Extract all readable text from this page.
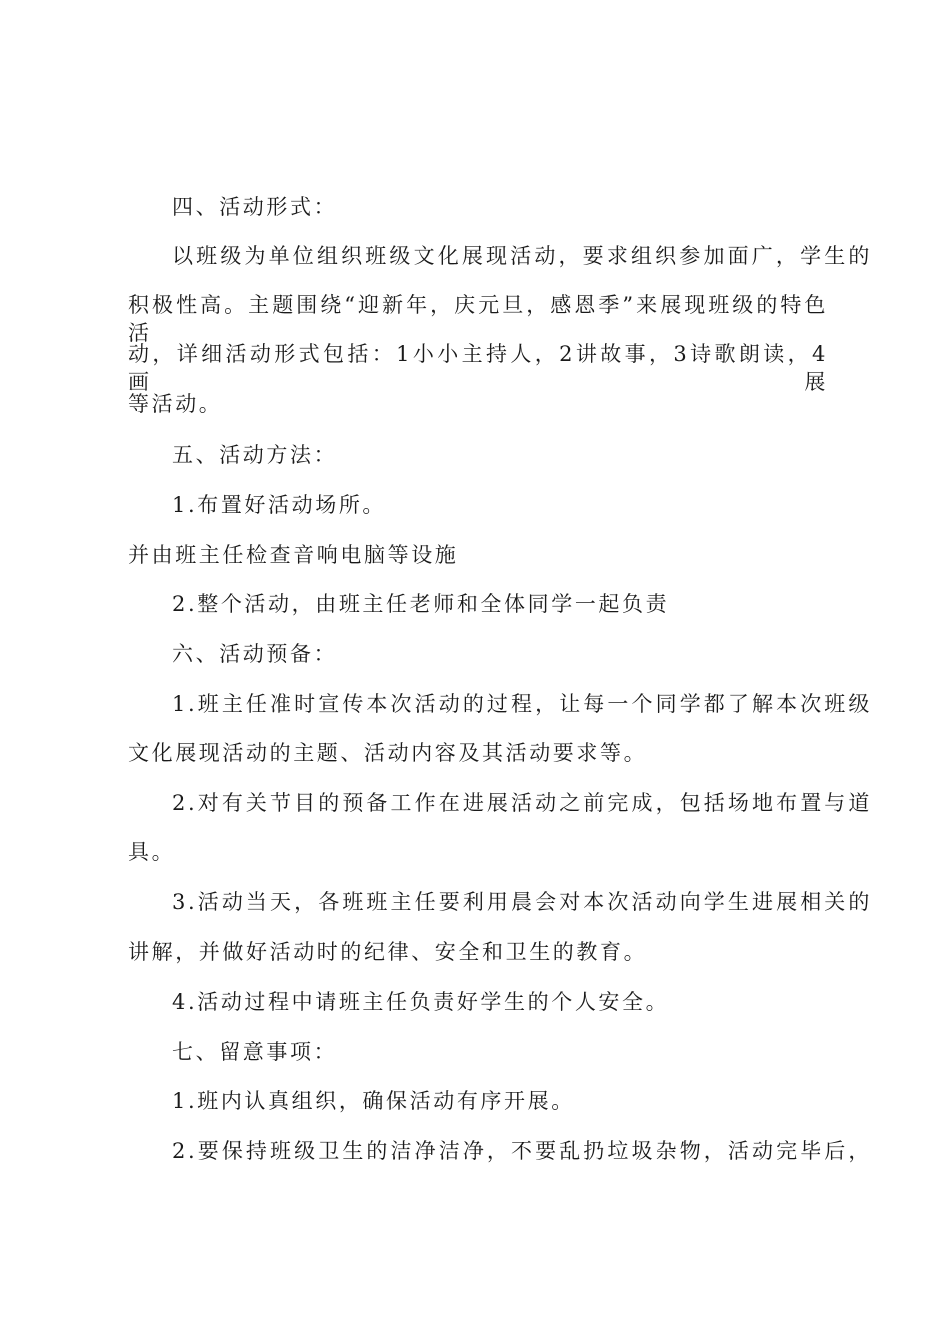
四、活动形式：

以班级为单位组织班级文化展现活动，要求组织参加面广，学生的

积极性高。主题围绕“迎新年，庆元旦，感恩季”来展现班级的特色活

动，详细活动形式包括：1小小主持人，2讲故事，3诗歌朗读，4画展

等活动。

五、活动方法：

1.布置好活动场所。

并由班主任检查音响电脑等设施

2.整个活动，由班主任老师和全体同学一起负责

六、活动预备：

1.班主任准时宣传本次活动的过程，让每一个同学都了解本次班级

文化展现活动的主题、活动内容及其活动要求等。

2.对有关节目的预备工作在进展活动之前完成，包括场地布置与道

具。

3.活动当天，各班班主任要利用晨会对本次活动向学生进展相关的

讲解，并做好活动时的纪律、安全和卫生的教育。

4.活动过程中请班主任负责好学生的个人安全。

七、留意事项：

1.班内认真组织，确保活动有序开展。

2.要保持班级卫生的洁净洁净，不要乱扔垃圾杂物，活动完毕后，
